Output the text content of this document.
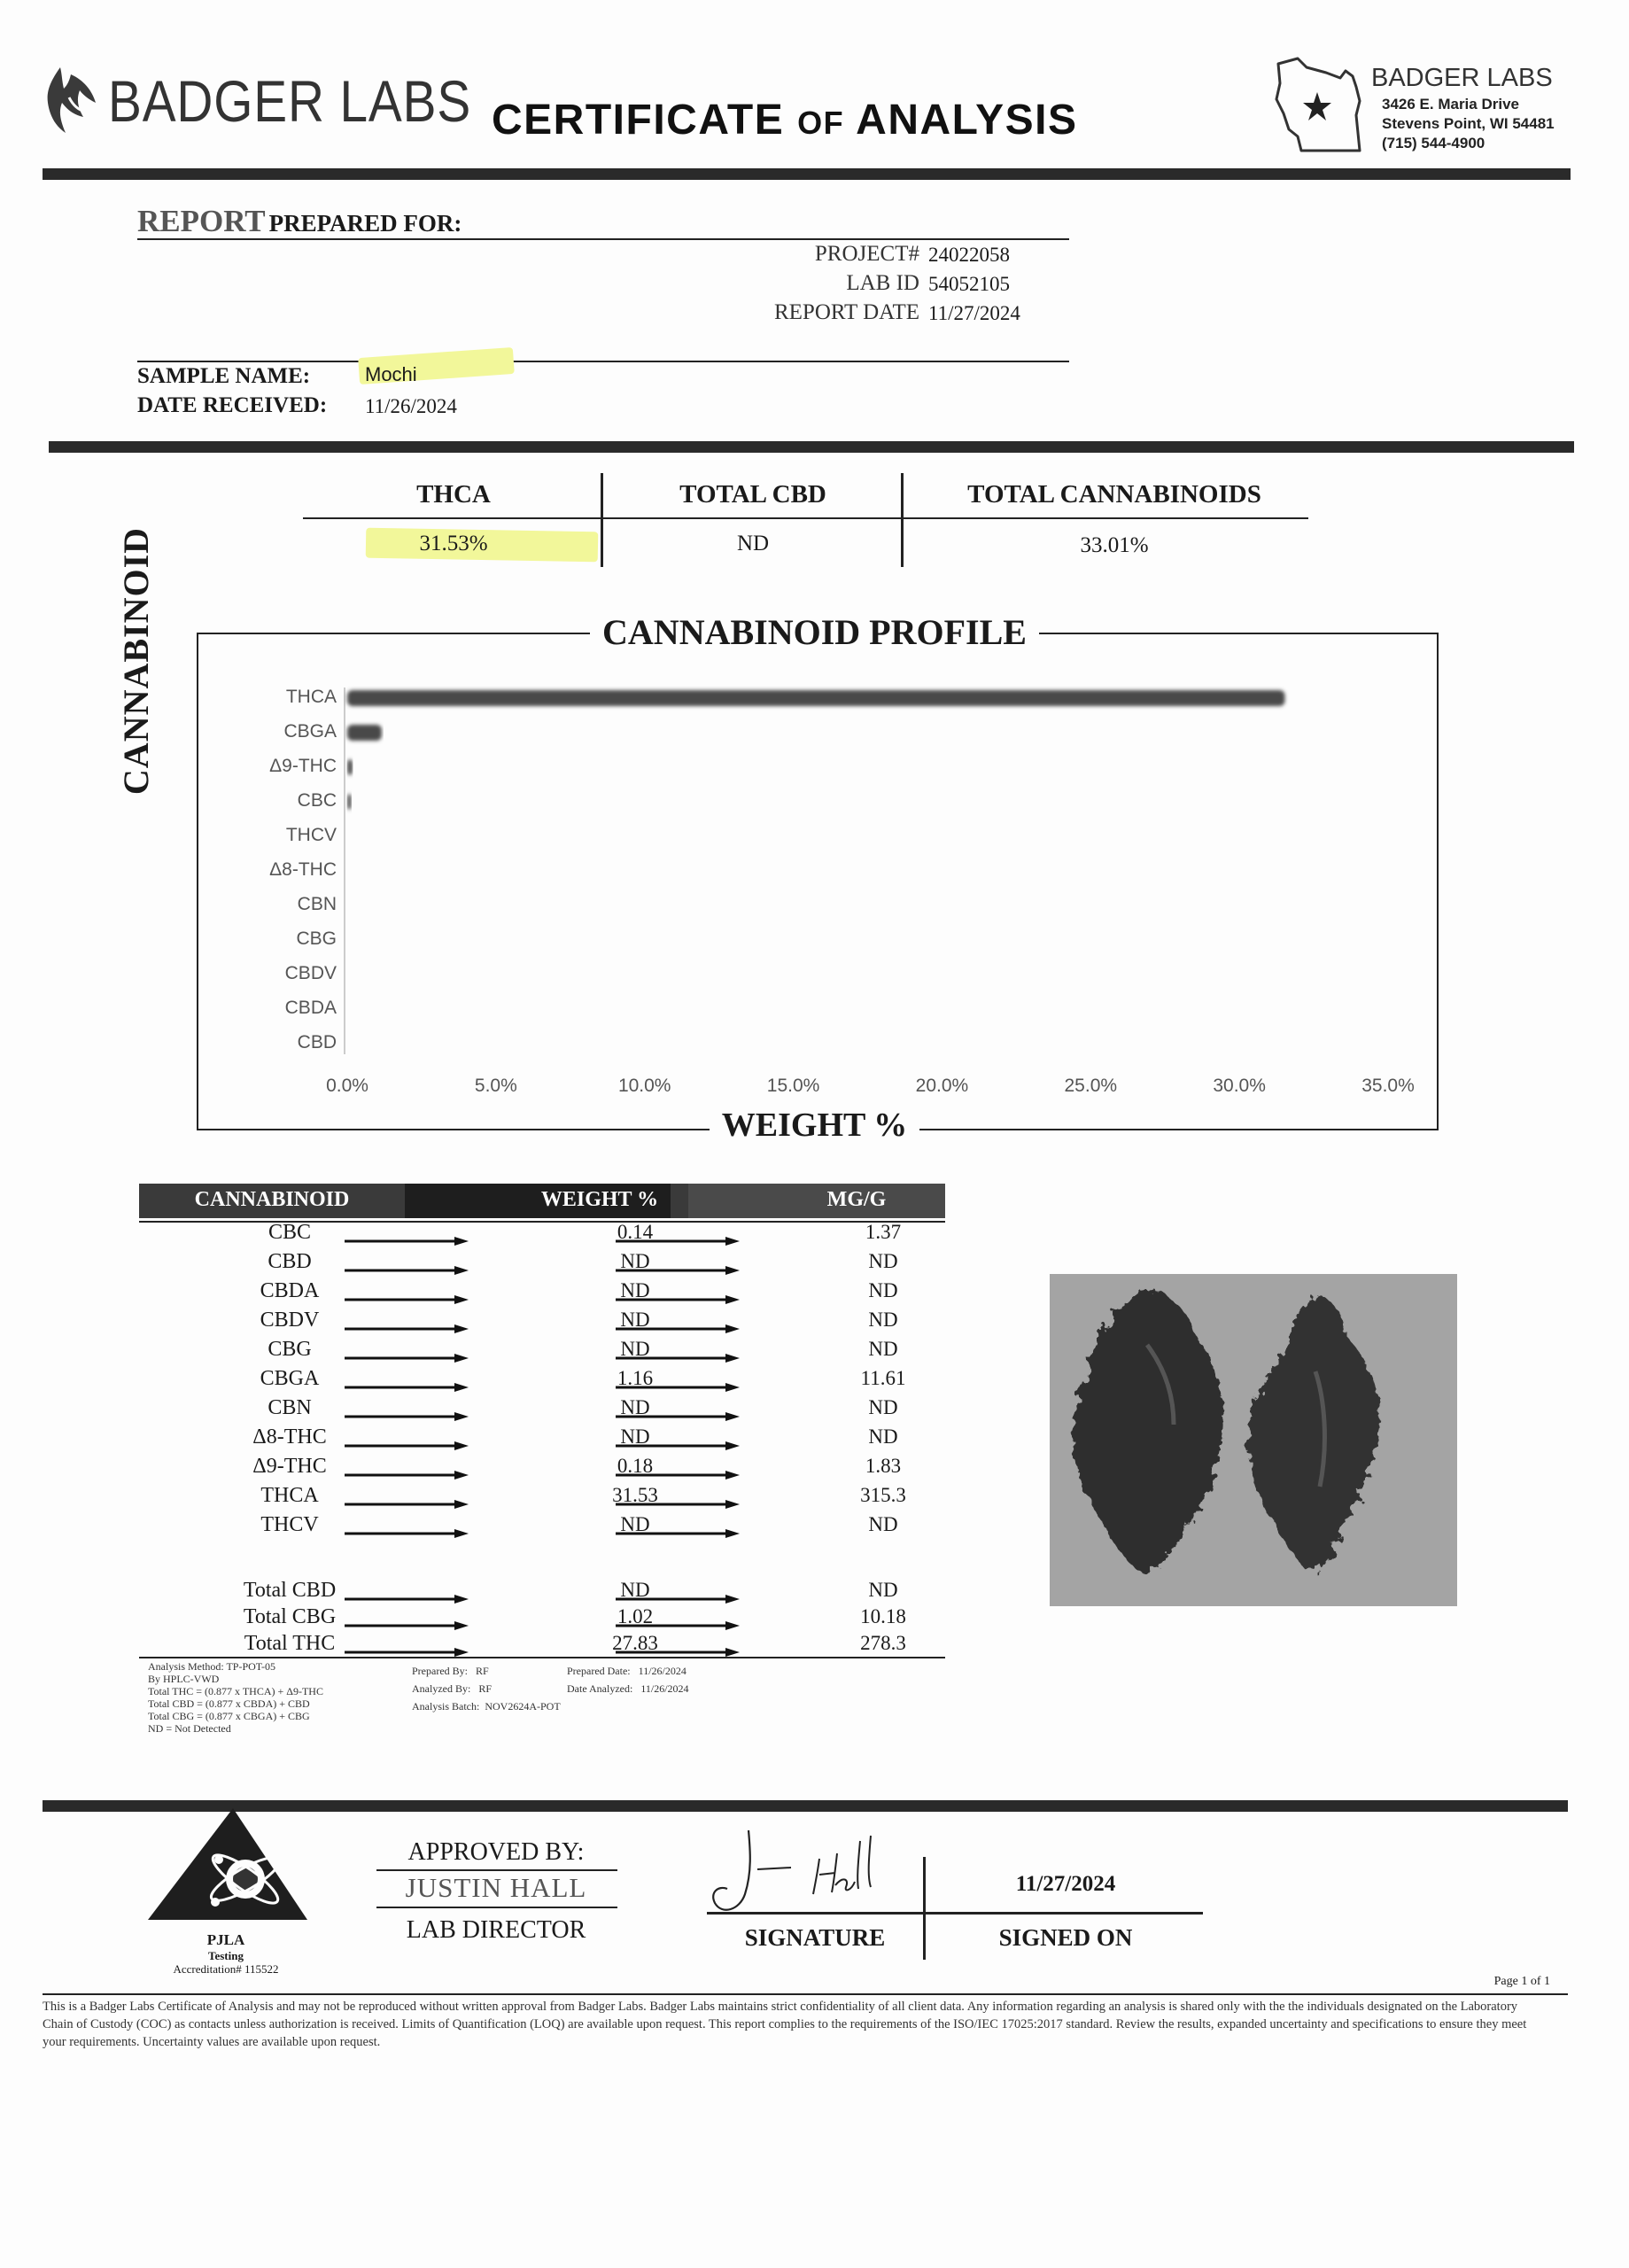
BADGER LABS CERTIFICATE OF ANALYSIS
BADGER LABS
3426 E. Maria Drive
Stevens Point, WI 54481
(715) 544-4900
REPORT PREPARED FOR:
PROJECT# 24022058
LAB ID 54052105
REPORT DATE 11/27/2024
SAMPLE NAME:	Mochi
DATE RECEIVED: 11/26/2024
THCA	TOTAL CBD	TOTAL CANNABINOIDS
31.53%	ND	33.01%
CANNABINOID PROFILE
WEIGHT %
CANNABINOID	THCA
CBGA
Δ9-THC
CBC
THCV
Δ8-THC
CBN
CBG
CBDV
CBDA
CBD
0.0%	5.0%	10.0%	15.0%	20.0%	25.0%	30.0%	35.0%
CANNABINOID	WEIGHT %	MG/G
CBC	0.14	1.37
CBD	ND	ND
CBDA	ND	ND
CBDV	ND	ND
CBG	ND	ND
CBGA	1.16	11.61
CBN	ND	ND
Δ8-THC	ND	ND
Δ9-THC	0.18	1.83
THCA	31.53	315.3
THCV	ND	ND
Total CBD	ND	ND
Total CBG	1.02	10.18
Total THC	27.83	278.3
Analysis Method: TP-POT-05
By HPLC-VWD
Total THC = (0.877 x THCA) + Δ9-THC
Total CBD = (0.877 x CBDA) + CBD
Total CBG = (0.877 x CBGA) + CBG
ND = Not Detected
Prepared By: RF
Analyzed By: RF
Analysis Batch: NOV2624A-POT
Prepared Date: 11/26/2024
Date Analyzed: 11/26/2024
PJLA
Testing
Accreditation# 115522
APPROVED BY:
JUSTIN HALL
LAB DIRECTOR
11/27/2024
SIGNATURE	SIGNED ON
Page 1 of 1
This is a Badger Labs Certificate of Analysis and may not be reproduced without written approval from Badger Labs. Badger Labs maintains strict confidentiality of all client data. Any information regarding an analysis is shared only with the the individuals designated on the Laboratory Chain of Custody (COC) as contacts unless authorization is received. Limits of Quantification (LOQ) are available upon request. This report complies to the requirements of the ISO/IEC 17025:2017 standard. Review the results, expanded uncertainty and specifications to ensure they meet your requirements. Uncertainty values are available upon request.
